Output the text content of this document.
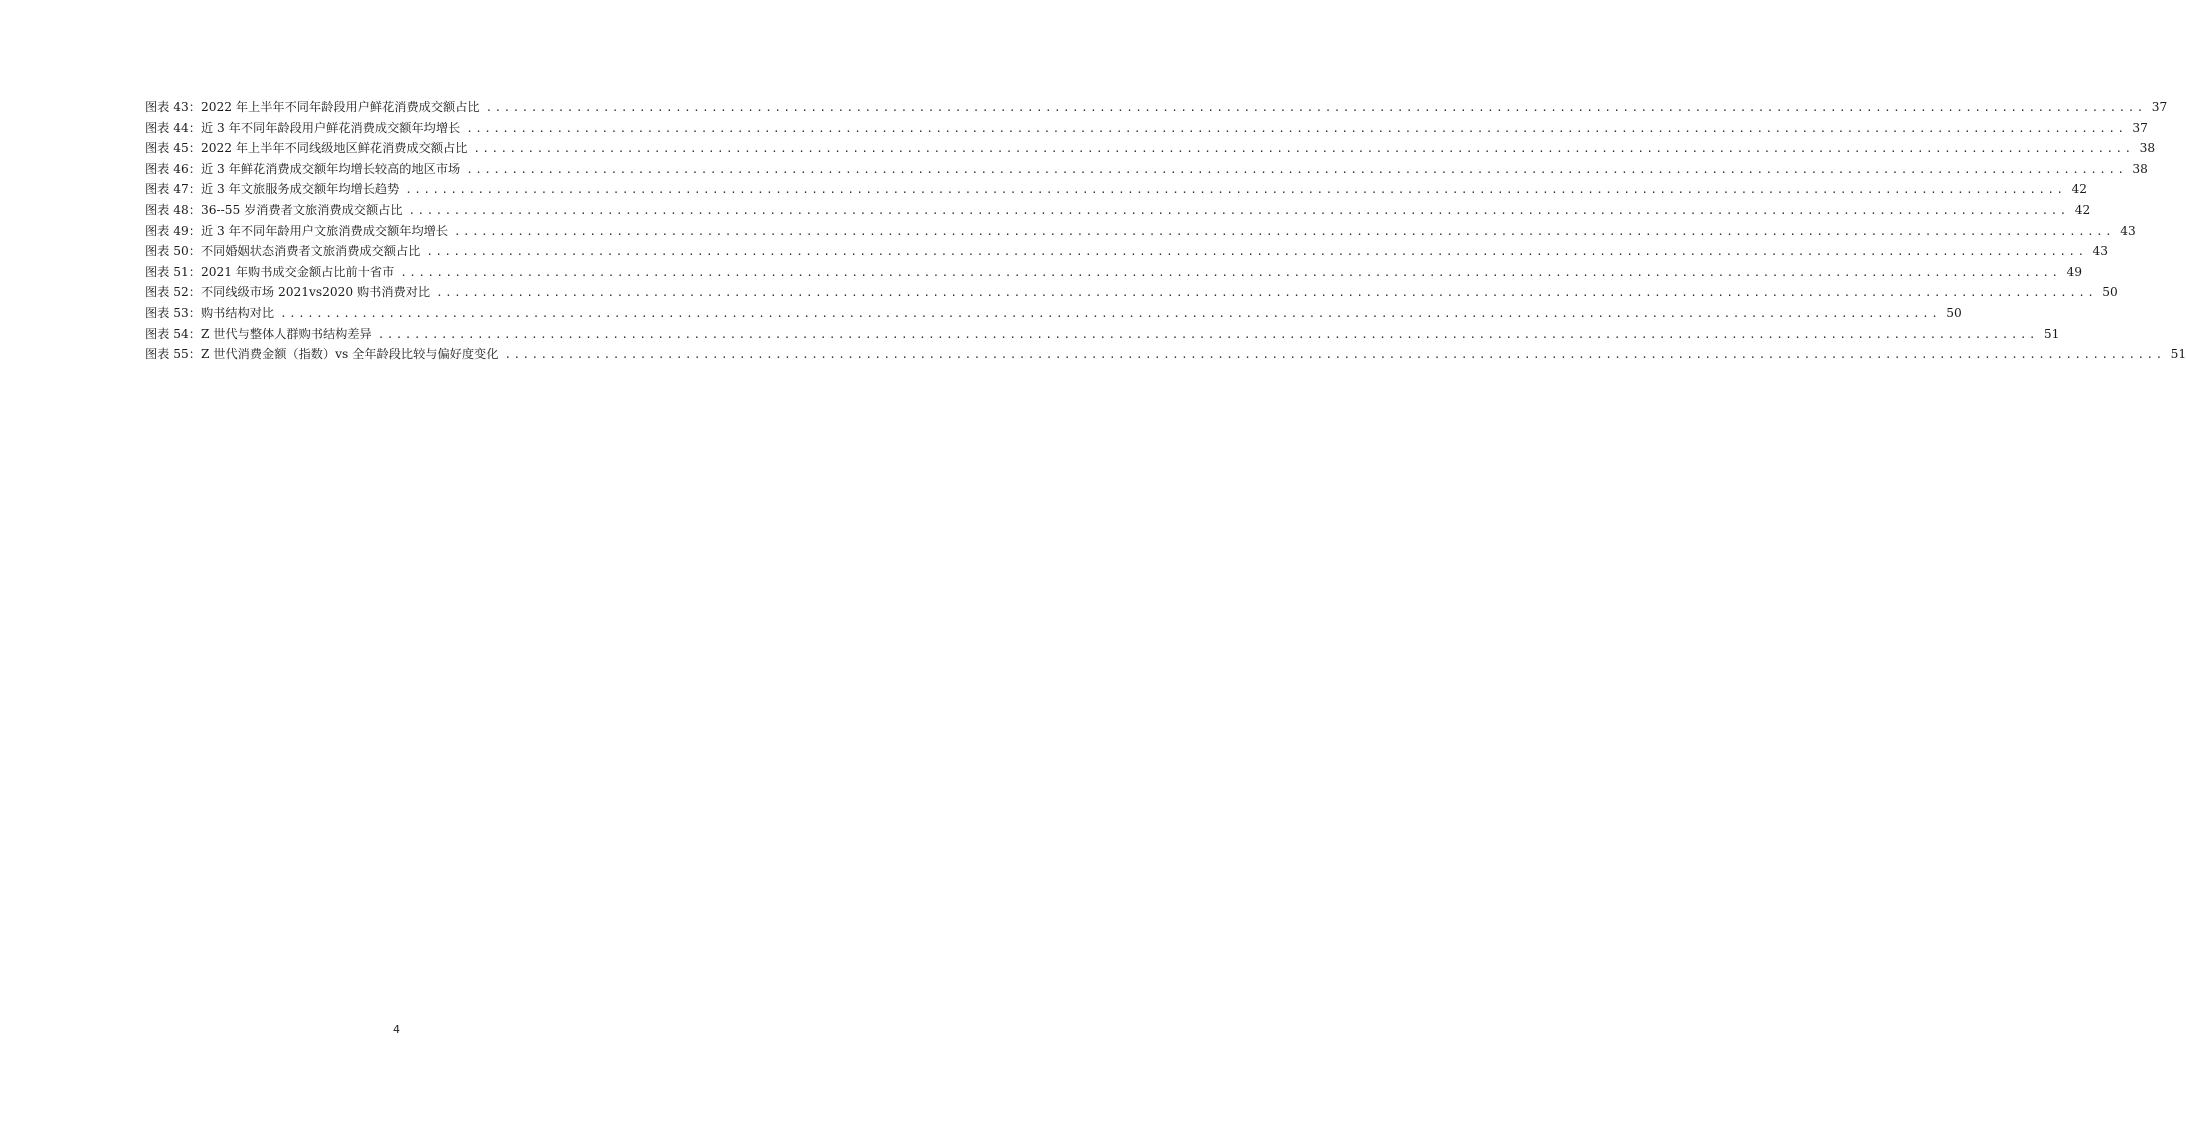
图表 43： 2022 年上半年不同年龄段用户鲜花消费成交额占比 .....	37
图表 44： 近 3 年不同年龄段用户鲜花消费成交额年均增长 .....	37
图表 45： 2022 年上半年不同线级地区鲜花消费成交额占比 .....	38
图表 46： 近 3 年鲜花消费成交额年均增长较高的地区市场 .....	38
图表 47： 近 3 年文旅服务成交额年均增长趋势 .....	42
图表 48： 36--55 岁消费者文旅消费成交额占比 .....	42
图表 49： 近 3 年不同年龄用户文旅消费成交额年均增长 .....	43
图表 50： 不同婚姻状态消费者文旅消费成交额占比 .....	43
图表 51： 2021 年购书成交金额占比前十省市 .....	49
图表 52： 不同线级市场 2021vs2020 购书消费对比 .....	50
图表 53： 购书结构对比 .....	50
图表 54： Z 世代与整体人群购书结构差异 .....	51
图表 55： Z 世代消费金额（指数）vs 全年龄段比较与偏好度变化 .....	51
4
